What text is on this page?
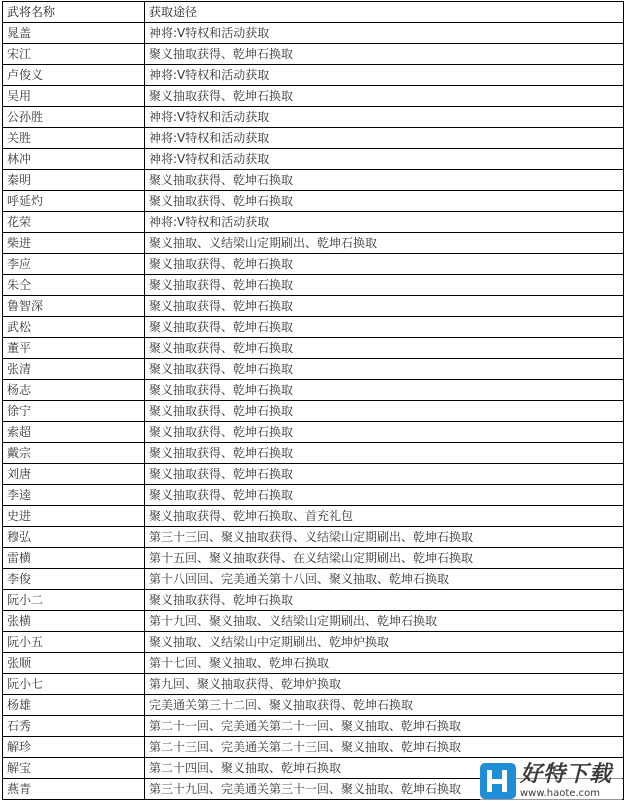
武将名称	获取途径
晁盖	神将:V特权和活动获取
宋江	聚义抽取获得、乾坤石换取
卢俊义	神将:V特权和活动获取
吴用	聚义抽取获得、乾坤石换取
公孙胜	神将:V特权和活动获取
关胜	神将:V特权和活动获取
林冲	神将:V特权和活动获取
秦明	聚义抽取获得、乾坤石换取
呼延灼	聚义抽取获得、乾坤石换取
花荣	神将:V特权和活动获取
柴进	聚义抽取、义结梁山定期刷出、乾坤石换取
李应	聚义抽取获得、乾坤石换取
朱仝	聚义抽取获得、乾坤石换取
鲁智深	聚义抽取获得、乾坤石换取
武松	聚义抽取获得、乾坤石换取
董平	聚义抽取获得、乾坤石换取
张清	聚义抽取获得、乾坤石换取
杨志	聚义抽取获得、乾坤石换取
徐宁	聚义抽取获得、乾坤石换取
索超	聚义抽取获得、乾坤石换取
戴宗	聚义抽取获得、乾坤石换取
刘唐	聚义抽取获得、乾坤石换取
李逵	聚义抽取获得、乾坤石换取
史进	聚义抽取获得、乾坤石换取、首充礼包
穆弘	第三十三回、聚义抽取获得、义结梁山定期刷出、乾坤石换取
雷横	第十五回、聚义抽取获得、在义结梁山定期刷出、乾坤石换取
李俊	第十八回回、完美通关第十八回、聚义抽取、乾坤石换取
阮小二	聚义抽取获得、乾坤石换取
张横	第十九回、聚义抽取、义结梁山定期刷出、乾坤石换取
阮小五	聚义抽取、义结梁山中定期刷出、乾坤炉换取
张顺	第十七回、聚义抽取、乾坤石换取
阮小七	第九回、聚义抽取获得、乾坤炉换取
杨雄	完美通关第三十二回、聚义抽取获得、乾坤石换取
石秀	第二十一回、完美通关第二十一回、聚义抽取、乾坤石换取
解珍	第二十三回、完美通关第二十三回、聚义抽取、乾坤石换取
解宝	第二十四回、聚义抽取、乾坤石换取
燕青	第三十九回、完美通关第三十一回、聚义抽取、乾坤石换取
好特下载
www.haote.com
